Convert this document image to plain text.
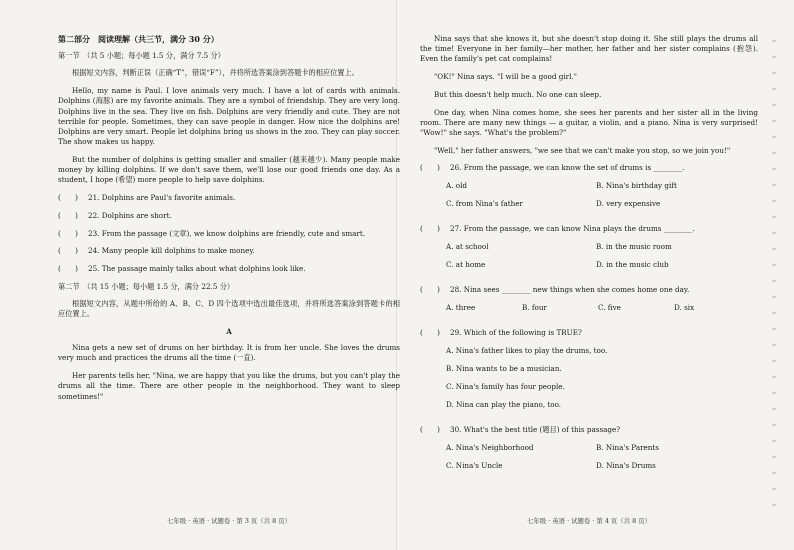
第二部分　阅读理解（共三节，满分 30 分）
第一节　（共 5 小题；每小题 1.5 分，满分 7.5 分）

根据短文内容，判断正误（正确“T”，错误“F”），并将所选答案涂到答题卡的相应位置上。

Hello, my name is Paul. I love animals very much. I have a lot of cards with animals. Dolphins (海豚) are my favorite animals. They are a symbol of friendship. They are very long. Dolphins live in the sea. They live on fish. Dolphins are very friendly and cute. They are not terrible for people. Sometimes, they can save people in danger. How nice the dolphins are! Dolphins are very smart. People let dolphins bring us shows in the zoo. They can play soccer. The show makes us happy.

But the number of dolphins is getting smaller and smaller (越来越少). Many people make money by killing dolphins. If we don't save them, we'll lose our good friends one day. As a student, I hope (希望) more people to help save dolphins.

(　　)	21. Dolphins are Paul's favorite animals.
(　　)	22. Dolphins are short.
(　　)	23. From the passage (文章), we know dolphins are friendly, cute and smart.
(　　)	24. Many people kill dolphins to make money.
(　　)	25. The passage mainly talks about what dolphins look like.
第二节　（共 15 小题；每小题 1.5 分，满分 22.5 分）

根据短文内容，从题中所给的 A、B、C、D 四个选项中选出最佳选项，并将所选答案涂到答题卡的相应位置上。

A

Nina gets a new set of drums on her birthday. It is from her uncle. She loves the drums very much and practices the drums all the time (一直).

Her parents tells her, "Nina, we are happy that you like the drums, but you can't play the drums all the time. There are other people in the neighborhood. They want to sleep sometimes!"

七年级 · 英语 · 试题卷 · 第 3 页（共 8 页）

Nina says that she knows it, but she doesn't stop doing it. She still plays the drums all the time! Everyone in her family—her mother, her father and her sister complains (抱怨). Even the family's pet cat complains!

"OK!" Nina says. "I will be a good girl."

But this doesn't help much. No one can sleep.

One day, when Nina comes home, she sees her parents and her sister all in the living room. There are many new things — a guitar, a violin, and a piano. Nina is very surprised! "Wow!" she says. "What's the problem?"

"Well," her father answers, "we see that we can't make you stop, so we join you!"

(　　)	26. From the passage, we can know the set of drums is ________.
A. old	B. Nina's birthday gift
C. from Nina's father	D. very expensive
(　　)	27. From the passage, we can know Nina plays the drums ________.
A. at school	B. in the music room
C. at home	D. in the music club
(　　)	28. Nina sees ________ new things when she comes home one day.
A. three	B. four	C. five	D. six
(　　)	29. Which of the following is TRUE?
A. Nina's father likes to play the drums, too.
B. Nina wants to be a musician.
C. Nina's family has four people.
D. Nina can play the piano, too.
(　　)	30. What's the best title (题目) of this passage?
A. Nina's Neighborhood	B. Nina's Parents
C. Nina's Uncle	D. Nina's Drums
七年级 · 英语 · 试题卷 · 第 4 页（共 8 页）
